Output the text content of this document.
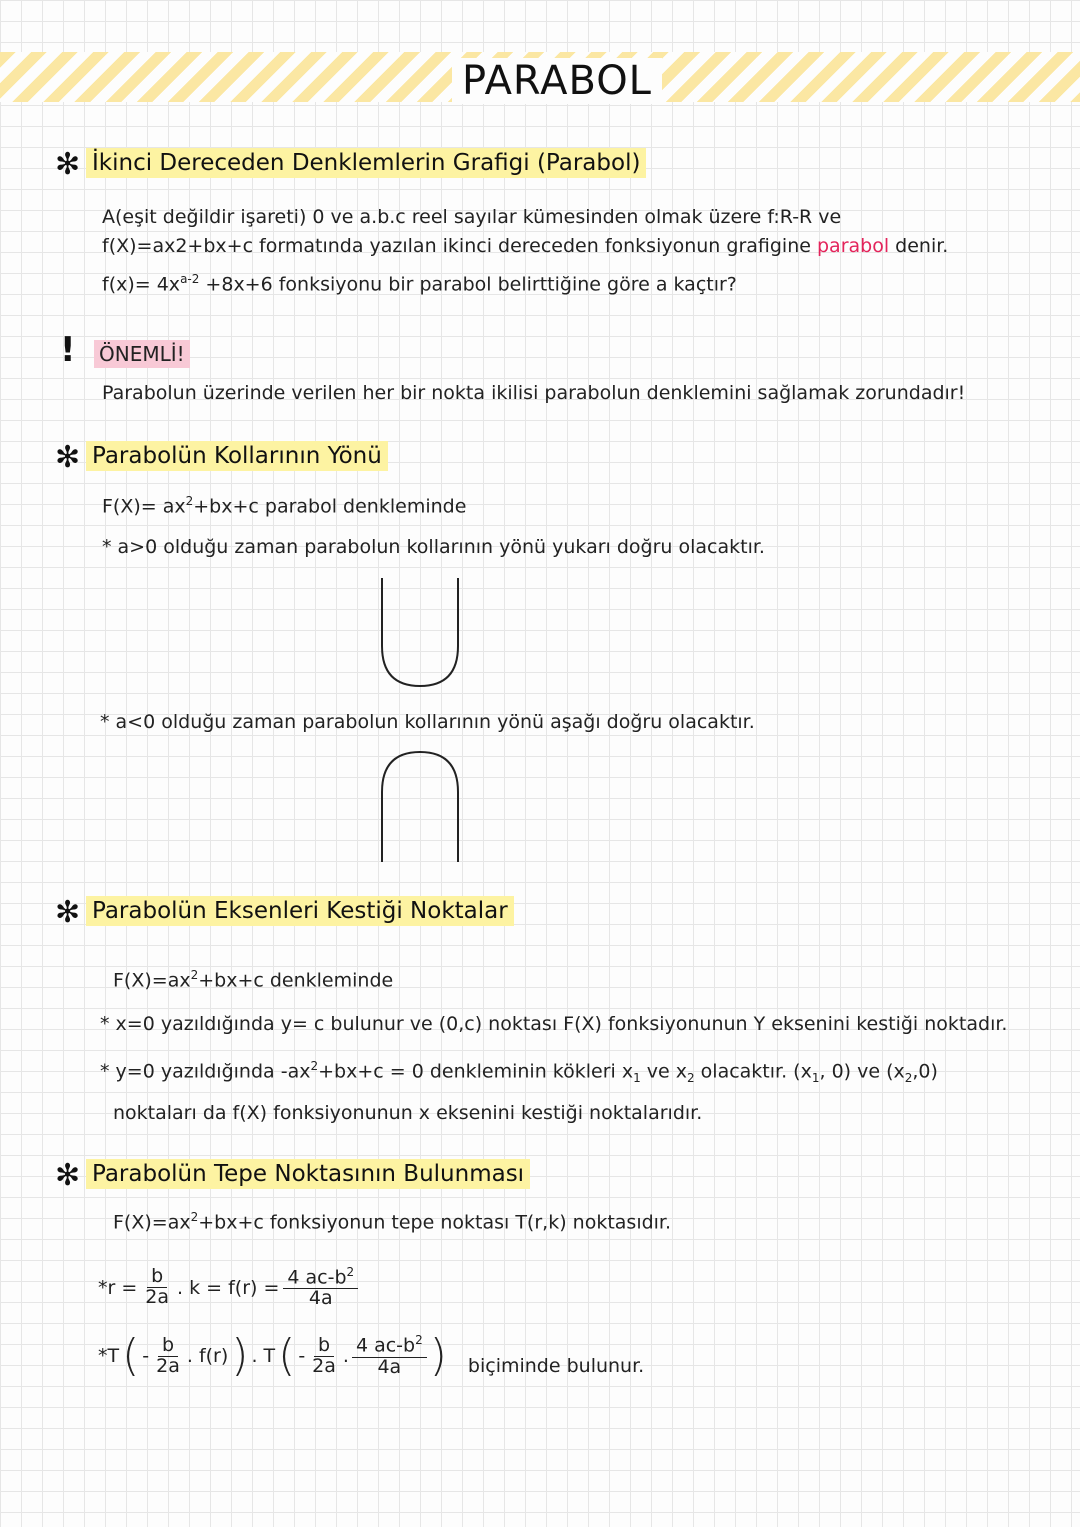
PARABOL
✻ İkinci Dereceden Denklemlerin Grafigi (Parabol)
A(eşit değildir işareti) 0 ve a.b.c reel sayılar kümesinden olmak üzere f:R-R ve
f(X)=ax2+bx+c formatında yazılan ikinci dereceden fonksiyonun grafigine parabol denir.
$f(x)= 4x^{a-2} +8x+6$ fonksiyonu bir parabol belirttiğine göre a kaçtır?
! ÖNEMLİ!
Parabolun üzerinde verilen her bir nokta ikilisi parabolun denklemini sağlamak zorundadır!
✻ Parabolün Kollarının Yönü
$F(X)= ax^2+bx+c$ parabol denkleminde
* a>0 olduğu zaman parabolun kollarının yönü yukarı doğru olacaktır.
* a<0 olduğu zaman parabolun kollarının yönü aşağı doğru olacaktır.
✻ Parabolün Eksenleri Kestiği Noktalar
$F(X)=ax^2+bx+c$ denkleminde
* x=0 yazıldığında y= c bulunur ve (0,c) noktası F(X) fonksiyonunun Y eksenini kestiği noktadır.
* y=0 yazıldığında $-ax^2+bx+c = 0$ denkleminin kökleri $x_1$ ve $x_2$ olacaktır. ($x_1$, 0) ve $(x_2,0)$
noktaları da f(X) fonksiyonunun x eksenini kestiği noktalarıdır.
✻ Parabolün Tepe Noktasının Bulunması
$F(X)=ax^2+bx+c$ fonksiyonun tepe noktası T(r,k) noktasıdır.
$*r = \frac{b}{2a}$ . $k = f(r) = \frac{4 ac-b^2}{4a}$
*T ( - $\frac{b}{2a}$ . f(r) ) . T ( - $\frac{b}{2a}$ . $\frac{4 ac-b^2}{4a}$ ) biçiminde bulunur.
